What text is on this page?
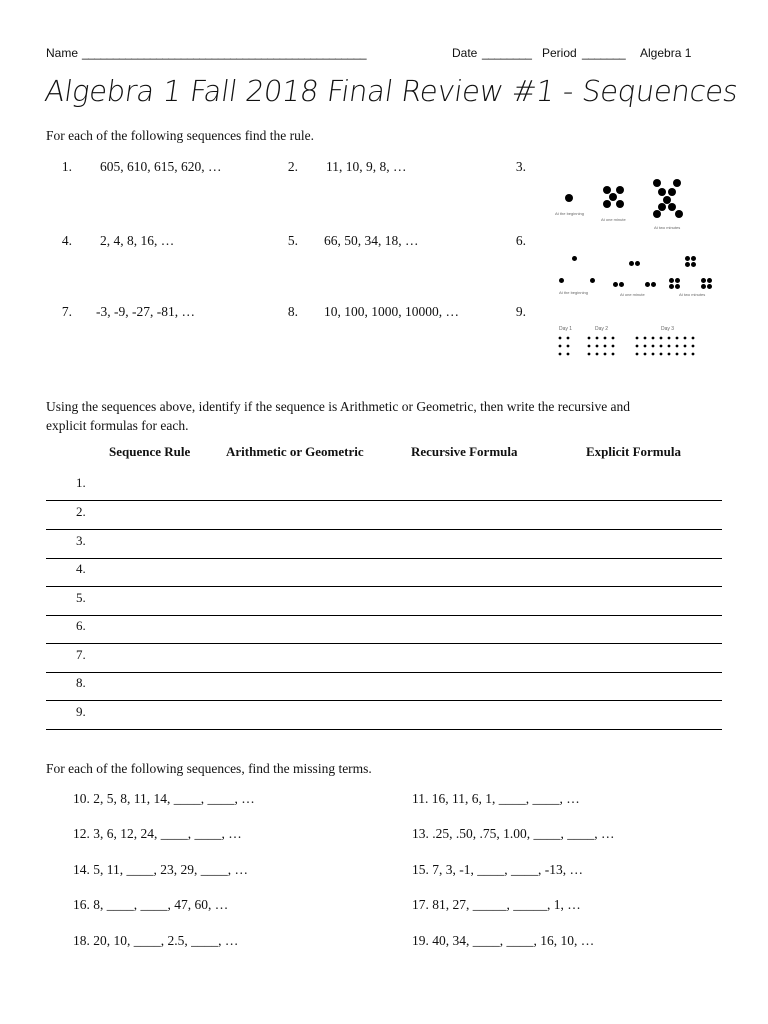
Name ______________________________________________	Date ________ Period _______ Algebra 1
Algebra 1 Fall 2018 Final Review #1 - Sequences
For each of the following sequences find the rule.
1. 605, 610, 615, 620, …	2. 11, 10, 9, 8, …	3.
4. 2, 4, 8, 16, …	5. 66, 50, 34, 18, …	6.
7. -3, -9, -27, -81, …	8. 10, 100, 1000, 10000, …	9.
At the beginning
At one minute
At two minutes
At the beginning	At one minute	At two minutes
Day 1	Day 2	Day 3
Using the sequences above, identify if the sequence is Arithmetic or Geometric, then write the recursive and
explicit formulas for each.
Sequence Rule	Arithmetic or Geometric	Recursive Formula	Explicit Formula
1.
2.
3.
4.
5.
6.
7.
8.
9.
For each of the following sequences, find the missing terms.
10. 2, 5, 8, 11, 14, ____, ____, …	11. 16, 11, 6, 1, ____, ____, …
12. 3, 6, 12, 24, ____, ____, …	13. .25, .50, .75, 1.00, ____, ____, …
14. 5, 11, ____, 23, 29, ____, …	15. 7, 3, -1, ____, ____, -13, …
16. 8, ____, ____, 47, 60, …	17. 81, 27, _____, _____, 1, …
18. 20, 10, ____, 2.5, ____, …	19. 40, 34, ____, ____, 16, 10, …
